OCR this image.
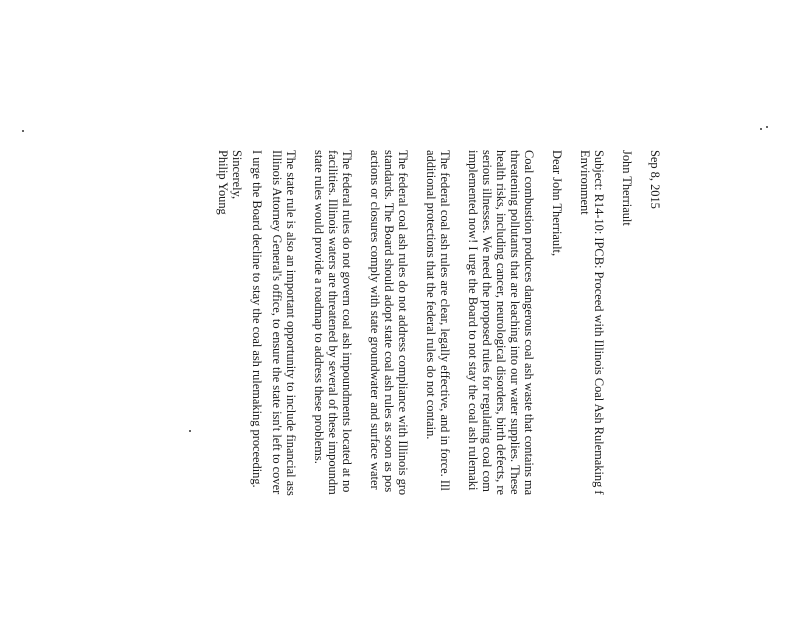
Sep 8, 2015
John Therriault
Subject: R14-10: IPCB: Proceed with Illinois Coal Ash Rulemaking f
Environment
Dear John Therriault,
Coal combustion produces dangerous coal ash waste that contains ma
threatening pollutants that are leaching into our water supplies. These
health risks, including cancer, neurological disorders, birth defects, re
serious illnesses. We need the proposed rules for regulating coal com
implemented now! I urge the Board to not stay the coal ash rulemaki
The federal coal ash rules are clear, legally effective, and in force. Ill
additional protections that the federal rules do not contain.
The federal coal ash rules do not address compliance with Illinois gro
standards. The Board should adopt state coal ash rules as soon as pos
actions or closures comply with state groundwater and surface water
The federal rules do not govern coal ash impoundments located at no
facilities. Illinois waters are threatened by several of these impoundm
state rules would provide a roadmap to address these problems.
The state rule is also an important opportunity to include financial ass
Illinois Attorney General's office, to ensure the state isn't left to cover
I urge the Board decline to stay the coal ash rulemaking proceeding.
Sincerely,
Philip Young
